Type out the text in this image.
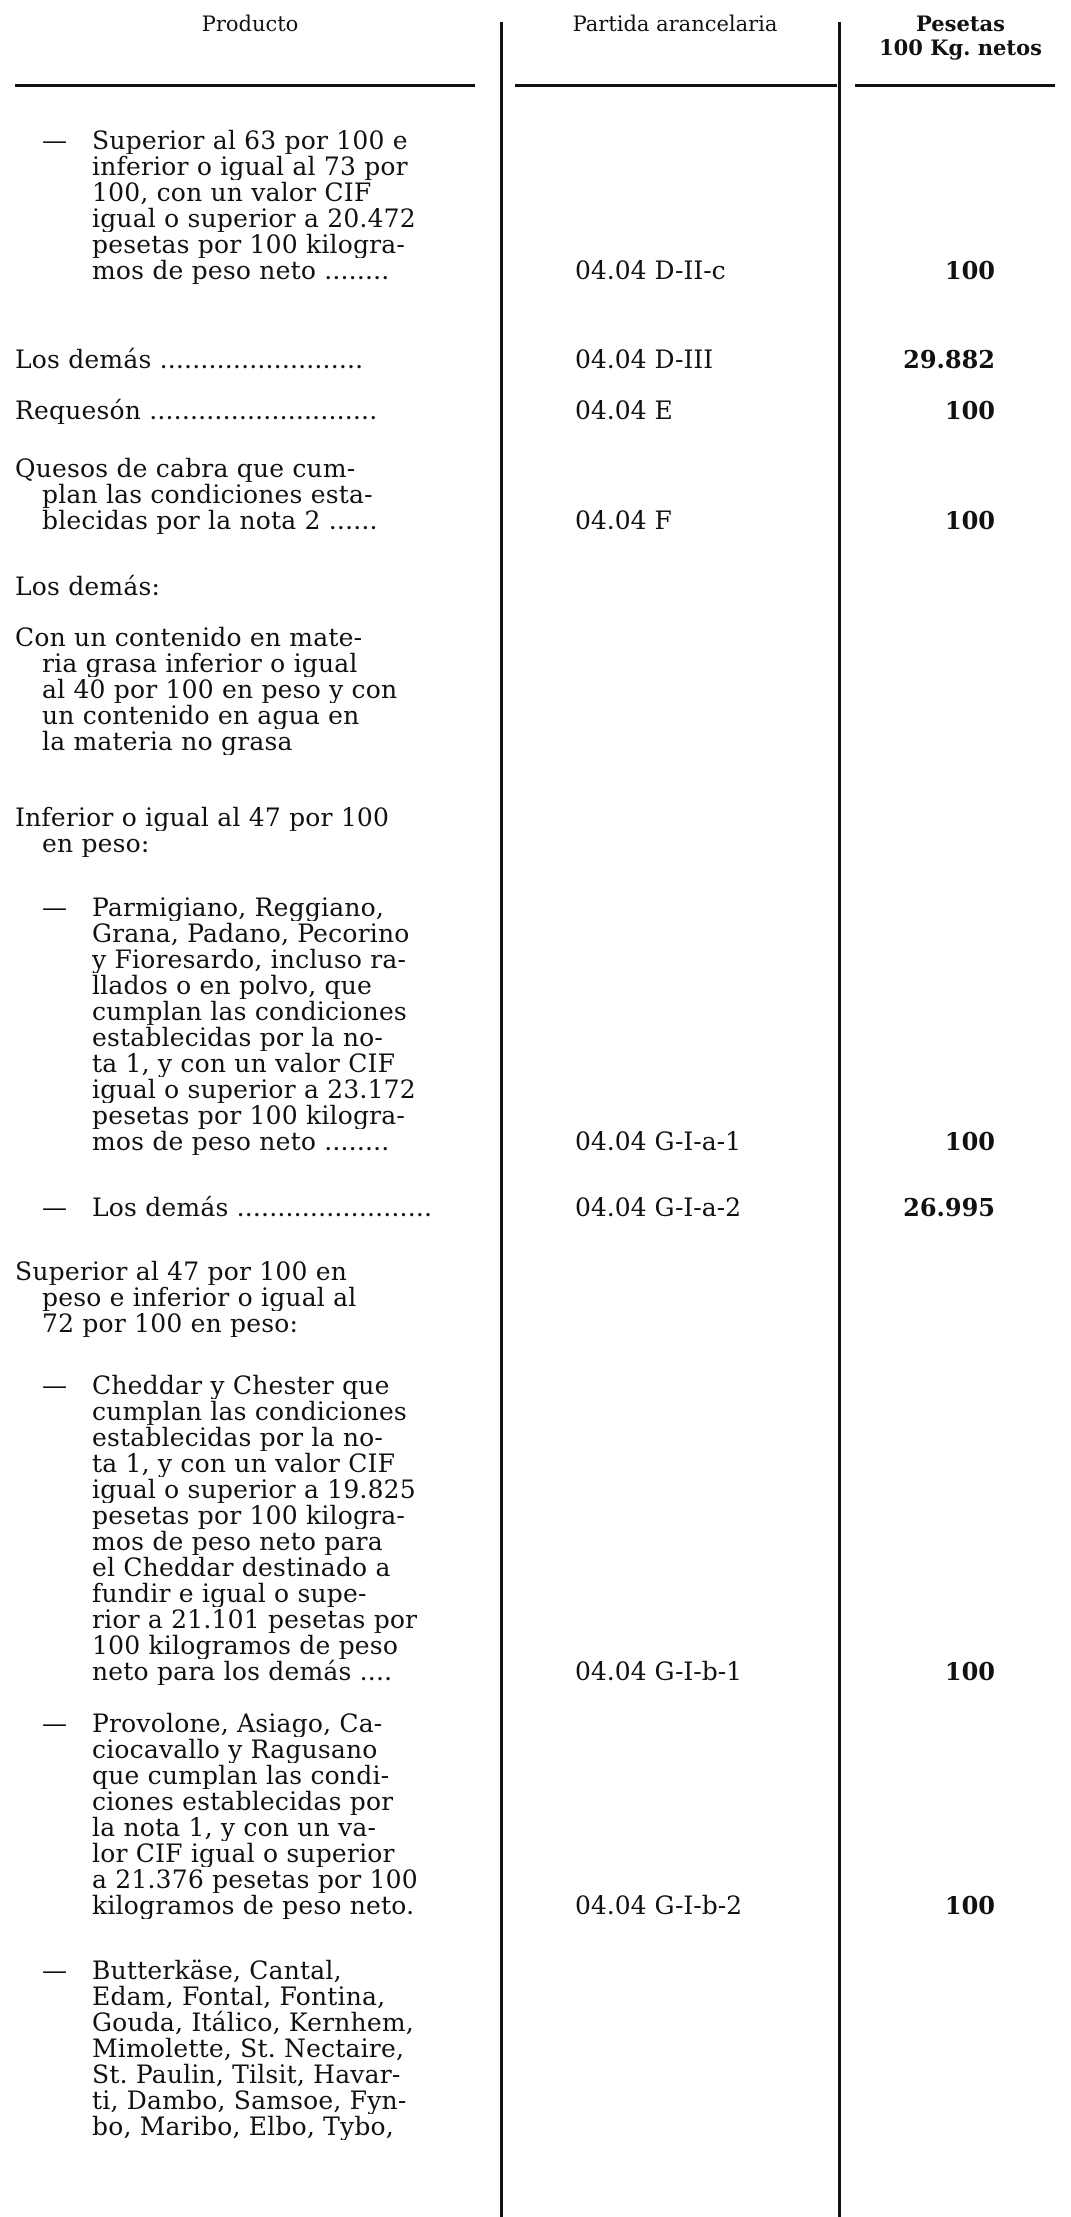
Producto	Partida arancelaria	Pesetas
100 Kg. netos
— Superior al 63 por 100 e
inferior o igual al 73 por
100, con un valor CIF
igual o superior a 20.472
pesetas por 100 kilogra-
mos de peso neto ........	04.04 D-II-c	100
Los demás .........................	04.04 D-III	29.882
Requesón ............................	04.04 E	100
Quesos de cabra que cum-
plan las condiciones esta-
blecidas por la nota 2 ......	04.04 F	100
Los demás:
Con un contenido en mate-
ria grasa inferior o igual
al 40 por 100 en peso y con
un contenido en agua en
la materia no grasa
Inferior o igual al 47 por 100
en peso:
— Parmigiano, Reggiano,
Grana, Padano, Pecorino
y Fioresardo, incluso ra-
llados o en polvo, que
cumplan las condiciones
establecidas por la no-
ta 1, y con un valor CIF
igual o superior a 23.172
pesetas por 100 kilogra-
mos de peso neto ........	04.04 G-I-a-1	100
— Los demás ........................	04.04 G-I-a-2	26.995
Superior al 47 por 100 en
peso e inferior o igual al
72 por 100 en peso:
— Cheddar y Chester que
cumplan las condiciones
establecidas por la no-
ta 1, y con un valor CIF
igual o superior a 19.825
pesetas por 100 kilogra-
mos de peso neto para
el Cheddar destinado a
fundir e igual o supe-
rior a 21.101 pesetas por
100 kilogramos de peso
neto para los demás ....	04.04 G-I-b-1	100
— Provolone, Asiago, Ca-
ciocavallo y Ragusano
que cumplan las condi-
ciones establecidas por
la nota 1, y con un va-
lor CIF igual o superior
a 21.376 pesetas por 100
kilogramos de peso neto.	04.04 G-I-b-2	100
— Butterkäse, Cantal,
Edam, Fontal, Fontina,
Gouda, Itálico, Kernhem,
Mimolette, St. Nectaire,
St. Paulin, Tilsit, Havar-
ti, Dambo, Samsoe, Fyn-
bo, Maribo, Elbo, Tybo,
